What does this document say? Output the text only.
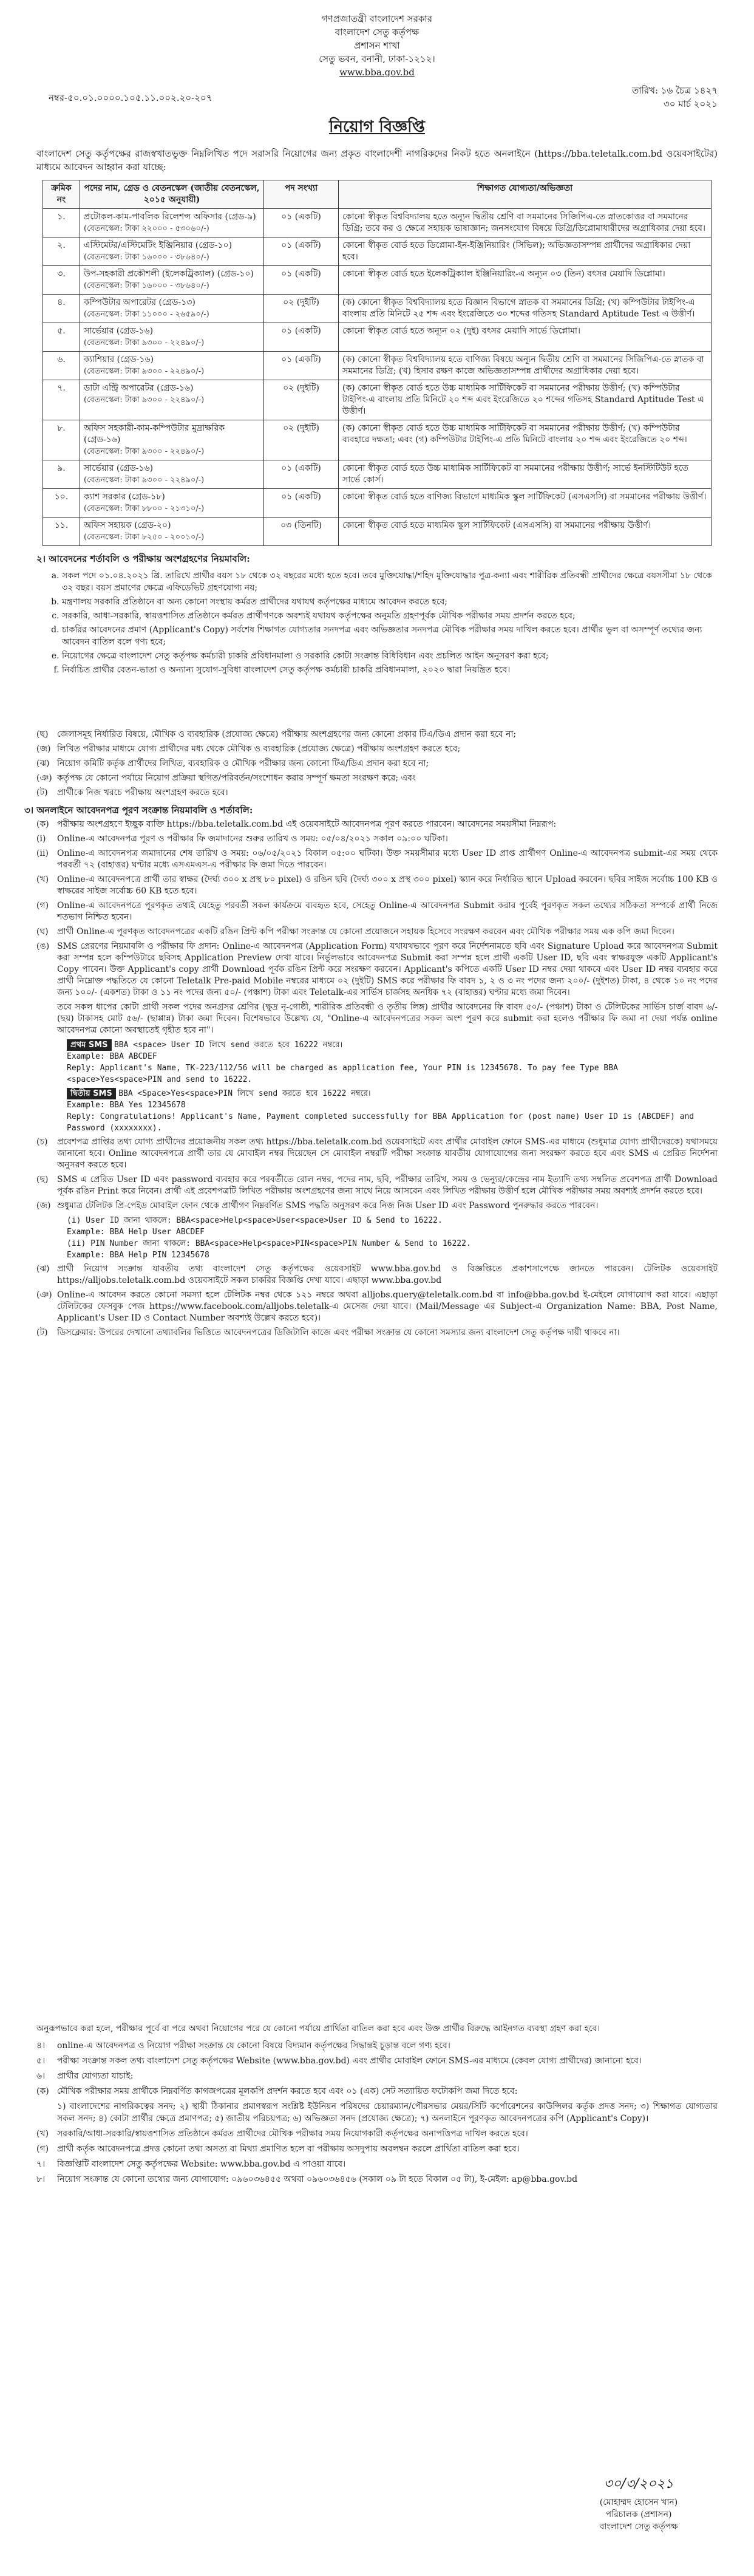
গণপ্রজাতন্ত্রী বাংলাদেশ সরকার
বাংলাদেশ সেতু কর্তৃপক্ষ
প্রশাসন শাখা
সেতু ভবন, বনানী, ঢাকা-১২১২।
www.bba.gov.bd
নম্বর-৫০.০১.০০০০.১০৫.১১.০০২.২০-২০৭
তারিখ: ১৬ চৈত্র ১৪২৭
৩০ মার্চ ২০২১
নিয়োগ বিজ্ঞপ্তি
বাংলাদেশ সেতু কর্তৃপক্ষের রাজস্বখাতভুক্ত নিম্নলিখিত পদে সরাসরি নিয়োগের জন্য প্রকৃত বাংলাদেশী নাগরিকদের নিকট হতে অনলাইনে (https://bba.teletalk.com.bd ওয়েবসাইটের) মাধ্যমে আবেদন আহ্বান করা যাচ্ছে:
ক্রমিক নং	পদের নাম, গ্রেড ও বেতনস্কেল (জাতীয় বেতনস্কেল, ২০১৫ অনুযায়ী)	পদ সংখ্যা	শিক্ষাগত যোগ্যতা/অভিজ্ঞতা
১.	প্রটোকল-কাম-পাবলিক রিলেশন্স অফিসার (গ্রেড-৯)
(বেতনস্কেল: টাকা ২২০০০ - ৫৩০৬০/-)	০১ (একটি)	কোনো স্বীকৃত বিশ্ববিদ্যালয় হতে অন্যূন দ্বিতীয় শ্রেণি বা সমমানের সিজিপিএ-তে স্নাতকোত্তর বা সমমানের ডিগ্রি; তবে কর ও ক্ষেত্রে সহায়ক ভাষাজ্ঞান; জনসংযোগ বিষয়ে ডিগ্রি/ডিপ্লোমাধারীদের অগ্রাধিকার দেয়া হবে।
২.	এস্টিমেটর/এস্টিমেটিং ইঞ্জিনিয়ার (গ্রেড-১০)
(বেতনস্কেল: টাকা ১৬০০০ - ৩৮৬৪০/-)	০১ (একটি)	কোনো স্বীকৃত বোর্ড হতে ডিপ্লোমা-ইন-ইঞ্জিনিয়ারিং (সিভিল); অভিজ্ঞতাসম্পন্ন প্রার্থীদের অগ্রাধিকার দেয়া হবে।
৩.	উপ-সহকারী প্রকৌশলী (ইলেকট্রিক্যাল) (গ্রেড-১০)
(বেতনস্কেল: টাকা ১৬০০০ - ৩৮৬৪০/-)	০১ (একটি)	কোনো স্বীকৃত বোর্ড হতে ইলেকট্রিক্যাল ইঞ্জিনিয়ারিং-এ অন্যূন ০৩ (তিন) বৎসর মেয়াদি ডিপ্লোমা।
৪.	কম্পিউটার অপারেটর (গ্রেড-১৩)
(বেতনস্কেল: টাকা ১১০০০ - ২৬৫৯০/-)	০২ (দুইটি)	(ক) কোনো স্বীকৃত বিশ্ববিদ্যালয় হতে বিজ্ঞান বিভাগে স্নাতক বা সমমানের ডিগ্রি; (খ) কম্পিউটার টাইপিং-এ বাংলায় প্রতি মিনিটে ২৫ শব্দ এবং ইংরেজিতে ৩০ শব্দের গতিসহ Standard Aptitude Test এ উত্তীর্ণ।
৫.	সার্ভেয়ার (গ্রেড-১৬)
(বেতনস্কেল: টাকা ৯৩০০ - ২২৪৯০/-)	০১ (একটি)	কোনো স্বীকৃত বোর্ড হতে অন্যূন ০২ (দুই) বৎসর মেয়াদি সার্ভে ডিপ্লোমা।
৬.	ক্যাশিয়ার (গ্রেড-১৬)
(বেতনস্কেল: টাকা ৯৩০০ - ২২৪৯০/-)	০১ (একটি)	(ক) কোনো স্বীকৃত বিশ্ববিদ্যালয় হতে বাণিজ্য বিষয়ে অন্যূন দ্বিতীয় শ্রেণি বা সমমানের সিজিপিএ-তে স্নাতক বা সমমানের ডিগ্রি; (খ) হিসাব রক্ষণ কাজে অভিজ্ঞতাসম্পন্ন প্রার্থীদের অগ্রাধিকার দেয়া হবে।
৭.	ডাটা এন্ট্রি অপারেটর (গ্রেড-১৬)
(বেতনস্কেল: টাকা ৯৩০০ - ২২৪৯০/-)	০২ (দুইটি)	(ক) কোনো স্বীকৃত বোর্ড হতে উচ্চ মাধ্যমিক সার্টিফিকেট বা সমমানের পরীক্ষায় উত্তীর্ণ; (খ) কম্পিউটার টাইপিং-এ বাংলায় প্রতি মিনিটে ২০ শব্দ এবং ইংরেজিতে ২০ শব্দের গতিসহ Standard Aptitude Test এ উত্তীর্ণ।
৮.	অফিস সহকারী-কাম-কম্পিউটার মুদ্রাক্ষরিক (গ্রেড-১৬)
(বেতনস্কেল: টাকা ৯৩০০ - ২২৪৯০/-)	০২ (দুইটি)	(ক) কোনো স্বীকৃত বোর্ড হতে উচ্চ মাধ্যমিক সার্টিফিকেট বা সমমানের পরীক্ষায় উত্তীর্ণ; (খ) কম্পিউটার ব্যবহারে দক্ষতা; এবং (গ) কম্পিউটার টাইপিং-এ প্রতি মিনিটে বাংলায় ২০ শব্দ এবং ইংরেজিতে ২০ শব্দ।
৯.	সার্ভেয়ার (গ্রেড-১৬)
(বেতনস্কেল: টাকা ৯৩০০ - ২২৪৯০/-)	০১ (একটি)	কোনো স্বীকৃত বোর্ড হতে উচ্চ মাধ্যমিক সার্টিফিকেট বা সমমানের পরীক্ষায় উত্তীর্ণ; সার্ভে ইনস্টিটিউট হতে সার্ভে কোর্স।
১০.	ক্যাশ সরকার (গ্রেড-১৮)
(বেতনস্কেল: টাকা ৮৮০০ - ২১৩১০/-)	০১ (একটি)	কোনো স্বীকৃত বোর্ড হতে বাণিজ্য বিভাগে মাধ্যমিক স্কুল সার্টিফিকেট (এসএসসি) বা সমমানের পরীক্ষায় উত্তীর্ণ।
১১.	অফিস সহায়ক (গ্রেড-২০)
(বেতনস্কেল: টাকা ৮২৫০ - ২০০১০/-)	০৩ (তিনটি)	কোনো স্বীকৃত বোর্ড হতে মাধ্যমিক স্কুল সার্টিফিকেট (এসএসসি) বা সমমানের পরীক্ষায় উত্তীর্ণ।
২। আবেদনের শর্তাবলি ও পরীক্ষায় অংশগ্রহণের নিয়মাবলি:
a. সকল পদে ০১.০৪.২০২১ খ্রি. তারিখে প্রার্থীর বয়স ১৮ থেকে ৩২ বছরের মধ্যে হতে হবে। তবে মুক্তিযোদ্ধা/শহিদ মুক্তিযোদ্ধার পুত্র-কন্যা এবং শারীরিক প্রতিবন্ধী প্রার্থীদের ক্ষেত্রে বয়সসীমা ১৮ থেকে ৩২ বছর। বয়স প্রমাণের ক্ষেত্রে এফিডেভিট গ্রহণযোগ্য নয়;
b. মন্ত্রণালয় সরকারি প্রতিষ্ঠানে বা অন্য কোনো সংস্থায় কর্মরত প্রার্থীদের যথাযথ কর্তৃপক্ষের মাধ্যমে আবেদন করতে হবে;
c. সরকারি, আধা-সরকারি, স্বায়ত্তশাসিত প্রতিষ্ঠানে কর্মরত প্রার্থীগণকে অবশ্যই যথাযথ কর্তৃপক্ষের অনুমতি গ্রহণপূর্বক মৌখিক পরীক্ষার সময় প্রদর্শন করতে হবে;
d. চাকরির আবেদনের প্রমাণ (Applicant's Copy) সর্বশেষ শিক্ষাগত যোগ্যতার সনদপত্র এবং অভিজ্ঞতার সনদপত্র মৌখিক পরীক্ষার সময় দাখিল করতে হবে। প্রার্থীর ভুল বা অসম্পূর্ণ তথ্যের জন্য আবেদন বাতিল বলে গণ্য হবে;
e. নিয়োগের ক্ষেত্রে বাংলাদেশ সেতু কর্তৃপক্ষ কর্মচারী চাকরি প্রবিধানমালা ও সরকারি কোটা সংক্রান্ত বিধিবিধান এবং প্রচলিত আইন অনুসরণ করা হবে;
f. নির্বাচিত প্রার্থীর বেতন-ভাতা ও অন্যান্য সুযোগ-সুবিধা বাংলাদেশ সেতু কর্তৃপক্ষ কর্মচারী চাকরি প্রবিধানমালা, ২০২০ দ্বারা নিয়ন্ত্রিত হবে।
(ছ) জেলাসমূহ নির্ধারিত বিষয়ে, মৌখিক ও ব্যবহারিক (প্রযোজ্য ক্ষেত্রে) পরীক্ষায় অংশগ্রহণের জন্য কোনো প্রকার টিএ/ডিএ প্রদান করা হবে না;
(জ) লিখিত পরীক্ষার মাধ্যমে যোগ্য প্রার্থীদের মধ্য থেকে মৌখিক ও ব্যবহারিক (প্রযোজ্য ক্ষেত্রে) পরীক্ষায় অংশগ্রহণ করতে হবে;
(ঝ) নিয়োগ কমিটি কর্তৃক প্রার্থীদের লিখিত, ব্যবহারিক ও মৌখিক পরীক্ষার জন্য কোনো টিএ/ডিএ প্রদান করা হবে না;
(ঞ) কর্তৃপক্ষ যে কোনো পর্যায়ে নিয়োগ প্রক্রিয়া স্থগিত/পরিবর্তন/সংশোধন করার সম্পূর্ণ ক্ষমতা সংরক্ষণ করে; এবং
(ট) প্রার্থীকে নিজ খরচে পরীক্ষায় অংশগ্রহণ করতে হবে।
৩। অনলাইনে আবেদনপত্র পূরণ সংক্রান্ত নিয়মাবলি ও শর্তাবলি:
(ক) পরীক্ষায় অংশগ্রহণে ইচ্ছুক ব্যক্তি https://bba.teletalk.com.bd এই ওয়েবসাইটে আবেদনপত্র পূরণ করতে পারবেন। আবেদনের সময়সীমা নিম্নরূপ:
(i) Online-এ আবেদনপত্র পূরণ ও পরীক্ষার ফি জমাদানের শুরুর তারিখ ও সময়: ০৫/০৪/২০২১ সকাল ০৯:০০ ঘটিকা।
(ii) Online-এ আবেদনপত্র জমাদানের শেষ তারিখ ও সময়: ০৬/০৫/২০২১ বিকাল ০৫:০০ ঘটিকা। উক্ত সময়সীমার মধ্যে User ID প্রাপ্ত প্রার্থীগণ Online-এ আবেদনপত্র submit-এর সময় থেকে পরবর্তী ৭২ (বাহাত্তর) ঘণ্টার মধ্যে এসএমএস-এ পরীক্ষার ফি জমা দিতে পারবেন।
(খ) Online-এ আবেদনপত্রে প্রার্থী তার স্বাক্ষর (দৈর্ঘ্য ৩০০ x প্রস্থ ৮০ pixel) ও রঙিন ছবি (দৈর্ঘ্য ৩০০ x প্রস্থ ৩০০ pixel) স্ক্যান করে নির্ধারিত স্থানে Upload করবেন। ছবির সাইজ সর্বোচ্চ 100 KB ও স্বাক্ষরের সাইজ সর্বোচ্চ 60 KB হতে হবে।
(গ) Online-এ আবেদনপত্রে পূরণকৃত তথ্যই যেহেতু পরবর্তী সকল কার্যক্রমে ব্যবহৃত হবে, সেহেতু Online-এ আবেদনপত্র Submit করার পূর্বেই পূরণকৃত সকল তথ্যের সঠিকতা সম্পর্কে প্রার্থী নিজে শতভাগ নিশ্চিত হবেন।
(ঘ) প্রার্থী Online-এ পূরণকৃত আবেদনপত্রের একটি রঙিন প্রিন্ট কপি পরীক্ষা সংক্রান্ত যে কোনো প্রয়োজনে সহায়ক হিসেবে সংরক্ষণ করবেন এবং মৌখিক পরীক্ষার সময় এক কপি জমা দিবেন।
(ঙ) SMS প্রেরণের নিয়মাবলি ও পরীক্ষার ফি প্রদান: Online-এ আবেদনপত্র (Application Form) যথাযথভাবে পূরণ করে নির্দেশনামতে ছবি এবং Signature Upload করে আবেদনপত্র Submit করা সম্পন্ন হলে কম্পিউটারে ছবিসহ Application Preview দেখা যাবে। নির্ভুলভাবে আবেদনপত্র Submit করা সম্পন্ন হলে প্রার্থী একটি User ID, ছবি এবং স্বাক্ষরযুক্ত একটি Applicant's Copy পাবেন। উক্ত Applicant's copy প্রার্থী Download পূর্বক রঙিন প্রিন্ট করে সংরক্ষণ করবেন। Applicant's কপিতে একটি User ID নম্বর দেয়া থাকবে এবং User ID নম্বর ব্যবহার করে প্রার্থী নিম্নোক্ত পদ্ধতিতে যে কোনো Teletalk Pre-paid Mobile নম্বরের মাধ্যমে ০২ (দুইটি) SMS করে পরীক্ষার ফি বাবদ ১, ২ ও ৩ নং পদের জন্য ২০০/- (দুইশত) টাকা, ৪ থেকে ১০ নং পদের জন্য ১০০/- (একশত) টাকা ও ১১ নং পদের জন্য ৫০/- (পঞ্চাশ) টাকা এবং Teletalk-এর সার্ভিস চার্জসহ অনধিক ৭২ (বাহাত্তর) ঘণ্টার মধ্যে জমা দিবেন।
তবে সকল ধাপের কোটা প্রার্থী সকল পদের অনগ্রসর শ্রেণির (ক্ষুদ্র নৃ-গোষ্ঠী, শারীরিক প্রতিবন্ধী ও তৃতীয় লিঙ্গ) প্রার্থীর আবেদনের ফি বাবদ ৫০/- (পঞ্চাশ) টাকা ও টেলিটকের সার্ভিস চার্জ বাবদ ৬/- (ছয়) টাকাসহ মোট ৫৬/- (ছাপ্পান্ন) টাকা জমা দিবেন। বিশেষভাবে উল্লেখ্য যে, "Online-এ আবেদনপত্রের সকল অংশ পূরণ করে submit করা হলেও পরীক্ষার ফি জমা না দেয়া পর্যন্ত online আবেদনপত্র কোনো অবস্থাতেই গৃহীত হবে না"।
প্রথম SMS BBA <space> User ID লিখে send করতে হবে 16222 নম্বরে।
Example: BBA ABCDEF
Reply: Applicant's Name, TK-223/112/56 will be charged as application fee, Your PIN is 12345678. To pay fee Type BBA <space>Yes<space>PIN and send to 16222.
দ্বিতীয় SMS BBA <Space>Yes<space>PIN লিখে send করতে হবে 16222 নম্বরে।
Example: BBA Yes 12345678
Reply: Congratulations! Applicant's Name, Payment completed successfully for BBA Application for (post name) User ID is (ABCDEF) and Password (xxxxxxxx).
(চ) প্রবেশপত্র প্রাপ্তির তথ্য যোগ্য প্রার্থীদের প্রয়োজনীয় সকল তথ্য https://bba.teletalk.com.bd ওয়েবসাইটে এবং প্রার্থীর মোবাইল ফোনে SMS-এর মাধ্যমে (শুধুমাত্র যোগ্য প্রার্থীদেরকে) যথাসময়ে জানানো হবে। Online আবেদনপত্রে প্রার্থী তার যে মোবাইল নম্বর দিয়েছেন সে মোবাইল নম্বরটি পরীক্ষা সংক্রান্ত যাবতীয় যোগাযোগের জন্য সংরক্ষণ করতে হবে এবং SMS এ প্রেরিত নির্দেশনা অনুসরণ করতে হবে।
(ছ) SMS এ প্রেরিত User ID এবং password ব্যবহার করে পরবর্তীতে রোল নম্বর, পদের নাম, ছবি, পরীক্ষার তারিখ, সময় ও ভেন্যুর/কেন্দ্রের নাম ইত্যাদি তথ্য সম্বলিত প্রবেশপত্র প্রার্থী Download পূর্বক রঙিন Print করে নিবেন। প্রার্থী এই প্রবেশপত্রটি লিখিত পরীক্ষায় অংশগ্রহণের জন্য সাথে নিয়ে আসবেন এবং লিখিত পরীক্ষায় উত্তীর্ণ হলে মৌখিক পরীক্ষার সময় অবশ্যই প্রদর্শন করতে হবে।
(জ) শুধুমাত্র টেলিটক প্রি-পেইড মোবাইল ফোন থেকে প্রার্থীগণ নিম্নবর্ণিত SMS পদ্ধতি অনুসরণ করে নিজ নিজ User ID এবং Password পুনরুদ্ধার করতে পারবেন।
(i) User ID জানা থাকলে: BBA<space>Help<space>User<space>User ID & Send to 16222.
Example: BBA Help User ABCDEF
(ii) PIN Number জানা থাকলে: BBA<space>Help<space>PIN<space>PIN Number & Send to 16222.
Example: BBA Help PIN 12345678
(ঝ) প্রার্থী নিয়োগ সংক্রান্ত যাবতীয় তথ্য বাংলাদেশ সেতু কর্তৃপক্ষের ওয়েবসাইট www.bba.gov.bd ও বিজ্ঞপ্তিতে প্রকাশসাপেক্ষে জানতে পারবেন। টেলিটক ওয়েবসাইট https://alljobs.teletalk.com.bd ওয়েবসাইটে সকল চাকরির বিজ্ঞপ্তি দেখা যাবে। এছাড়া www.bba.gov.bd
(ঞ) Online-এ আবেদন করতে কোনো সমস্যা হলে টেলিটক নম্বর থেকে ১২১ নম্বরে অথবা alljobs.query@teletalk.com.bd বা info@bba.gov.bd ই-মেইলে যোগাযোগ করা যাবে। এছাড়া টেলিটকের ফেসবুক পেজ https://www.facebook.com/alljobs.teletalk-এ মেসেজ দেয়া যাবে। (Mail/Message এর Subject-এ Organization Name: BBA, Post Name, Applicant's User ID ও Contact Number অবশ্যই উল্লেখ করতে হবে)।
(ট) ডিসক্লেমার: উপরের দেখানো তথ্যাবলির ভিত্তিতে আবেদনপত্রের ডিজিটালি কাজে এবং পরীক্ষা সংক্রান্ত যে কোনো সমস্যার জন্য বাংলাদেশ সেতু কর্তৃপক্ষ দায়ী থাকবে না।
অনুরূপভাবে করা হলে, পরীক্ষার পূর্বে বা পরে অথবা নিয়োগের পরে যে কোনো পর্যায়ে প্রার্থিতা বাতিল করা হবে এবং উক্ত প্রার্থীর বিরুদ্ধে আইনগত ব্যবস্থা গ্রহণ করা হবে।
৪। online-এ আবেদনপত্র ও নিয়োগ পরীক্ষা সংক্রান্ত যে কোনো বিষয়ে বিদ্যমান কর্তৃপক্ষের সিদ্ধান্তই চূড়ান্ত বলে গণ্য হবে।
৫। পরীক্ষা সংক্রান্ত সকল তথ্য বাংলাদেশ সেতু কর্তৃপক্ষের Website (www.bba.gov.bd) এবং প্রার্থীর মোবাইল ফোনে SMS-এর মাধ্যমে (কেবল যোগ্য প্রার্থীদের) জানানো হবে।
৬। প্রার্থীর যোগ্যতা যাচাই:
(ক) মৌখিক পরীক্ষার সময় প্রার্থীকে নিম্নবর্ণিত কাগজপত্রের মূলকপি প্রদর্শন করতে হবে এবং ০১ (এক) সেট সত্যায়িত ফটোকপি জমা দিতে হবে:
১) বাংলাদেশের নাগরিকত্বের সনদ; ২) স্থায়ী ঠিকানার প্রমাণস্বরূপ সংশ্লিষ্ট ইউনিয়ন পরিষদের চেয়ারম্যান/পৌরসভার মেয়র/সিটি কর্পোরেশনের কাউন্সিলর কর্তৃক প্রদত্ত সনদ; ৩) শিক্ষাগত যোগ্যতার সকল সনদ; ৪) কোটা প্রার্থীর ক্ষেত্রে প্রমাণপত্র; ৫) জাতীয় পরিচয়পত্র; ৬) অভিজ্ঞতা সনদ (প্রযোজ্য ক্ষেত্রে); ৭) অনলাইনে পূরণকৃত আবেদনপত্রের কপি (Applicant's Copy)।
(খ) সরকারি/আধা-সরকারি/স্বায়ত্তশাসিত প্রতিষ্ঠানে কর্মরত প্রার্থীদের মৌখিক পরীক্ষার সময় নিয়োগকারী কর্তৃপক্ষের অনাপত্তিপত্র দাখিল করতে হবে।
(গ) প্রার্থী কর্তৃক আবেদনপত্রে প্রদত্ত কোনো তথ্য অসত্য বা মিথ্যা প্রমাণিত হলে বা পরীক্ষায় অসদুপায় অবলম্বন করলে প্রার্থিতা বাতিল করা হবে।
৭। বিজ্ঞপ্তিটি বাংলাদেশ সেতু কর্তৃপক্ষের Website: www.bba.gov.bd এ পাওয়া যাবে।
৮। নিয়োগ সংক্রান্ত যে কোনো তথ্যের জন্য যোগাযোগ: ০৯৬০৩৬৪৫৫ অথবা ০৯৬০৩৬৪৫৬ (সকাল ০৯ টা হতে বিকাল ০৫ টা), ই-মেইল: ap@bba.gov.bd
৩০/৩/২০২১
(মোহাম্মদ হোসেন খান)
পরিচালক (প্রশাসন)
বাংলাদেশ সেতু কর্তৃপক্ষ
